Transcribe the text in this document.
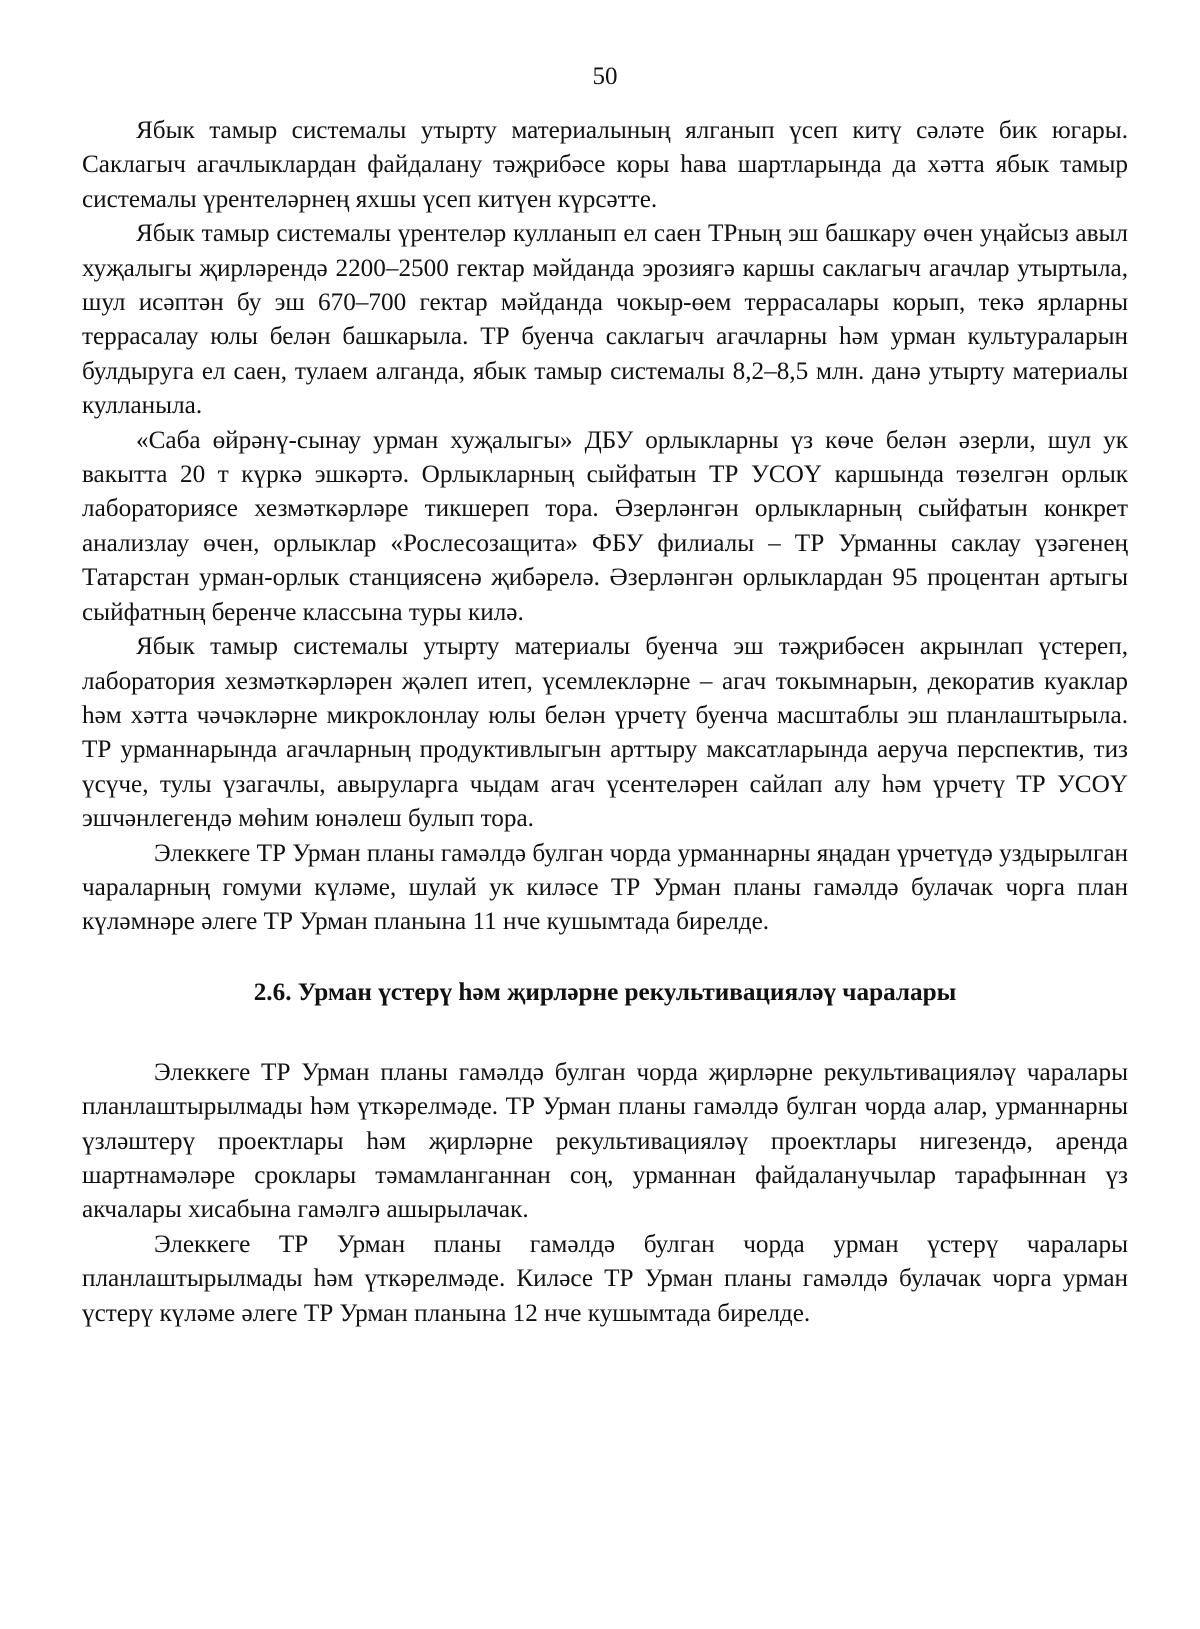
50

Ябык тамыр системалы утырту материалының ялганып үсеп китү сәләте бик югары. Саклагыч агачлыклардан файдалану тәҗрибәсе коры һава шартларында да хәтта ябык тамыр системалы үрентеләрнең яхшы үсеп китүен күрсәтте.

Ябык тамыр системалы үрентеләр кулланып ел саен ТРның эш башкару өчен уңайсыз авыл хуҗалыгы җирләрендә 2200–2500 гектар мәйданда эрозиягә каршы саклагыч агачлар утыртыла, шул исәптән бу эш 670–700 гектар мәйданда чокыр-өем террасалары корып, текә ярларны террасалау юлы белән башкарыла. ТР буенча саклагыч агачларны һәм урман культураларын булдыруга ел саен, тулаем алганда, ябык тамыр системалы 8,2–8,5 млн. данә утырту материалы кулланыла.

«Саба өйрәнү-сынау урман хуҗалыгы» ДБУ орлыкларны үз көче белән әзерли, шул ук вакытта 20 т күркә эшкәртә. Орлыкларның сыйфатын ТР УСОҮ каршында төзелгән орлык лабораториясе хезмәткәрләре тикшереп тора. Әзерләнгән орлыкларның сыйфатын конкрет анализлау өчен, орлыклар «Рослесозащита» ФБУ филиалы – ТР Урманны саклау үзәгенең Татарстан урман-орлык станциясенә җибәрелә. Әзерләнгән орлыклардан 95 процентан артыгы сыйфатның беренче классына туры килә.

Ябык тамыр системалы утырту материалы буенча эш тәҗрибәсен акрынлап үстереп, лаборатория хезмәткәрләрен җәлеп итеп, үсемлекләрне – агач токымнарын, декоратив куаклар һәм хәтта чәчәкләрне микроклонлау юлы белән үрчетү буенча масштаблы эш планлаштырыла. ТР урманнарында агачларның продуктивлыгын арттыру максатларында аеруча перспектив, тиз үсүче, тулы үзагачлы, авыруларга чыдам агач үсентеләрен сайлап алу һәм үрчетү ТР УСОҮ эшчәнлегендә мөһим юнәлеш булып тора.

Элеккеге ТР Урман планы гамәлдә булган чорда урманнарны яңадан үрчетүдә уздырылган чараларның гомуми күләме, шулай ук киләсе ТР Урман планы гамәлдә булачак чорга план күләмнәре әлеге ТР Урман планына 11 нче кушымтада бирелде.

2.6. Урман үстерү һәм җирләрне рекультивацияләү чаралары

Элеккеге ТР Урман планы гамәлдә булган чорда җирләрне рекультивацияләү чаралары планлаштырылмады һәм үткәрелмәде. ТР Урман планы гамәлдә булган чорда алар, урманнарны үзләштерү проектлары һәм җирләрне рекультивацияләү проектлары нигезендә, аренда шартнамәләре сроклары тәмамланганнан соң, урманнан файдаланучылар тарафыннан үз акчалары хисабына гамәлгә ашырылачак.

Элеккеге ТР Урман планы гамәлдә булган чорда урман үстерү чаралары планлаштырылмады һәм үткәрелмәде. Киләсе ТР Урман планы гамәлдә булачак чорга урман үстерү күләме әлеге ТР Урман планына 12 нче кушымтада бирелде.
